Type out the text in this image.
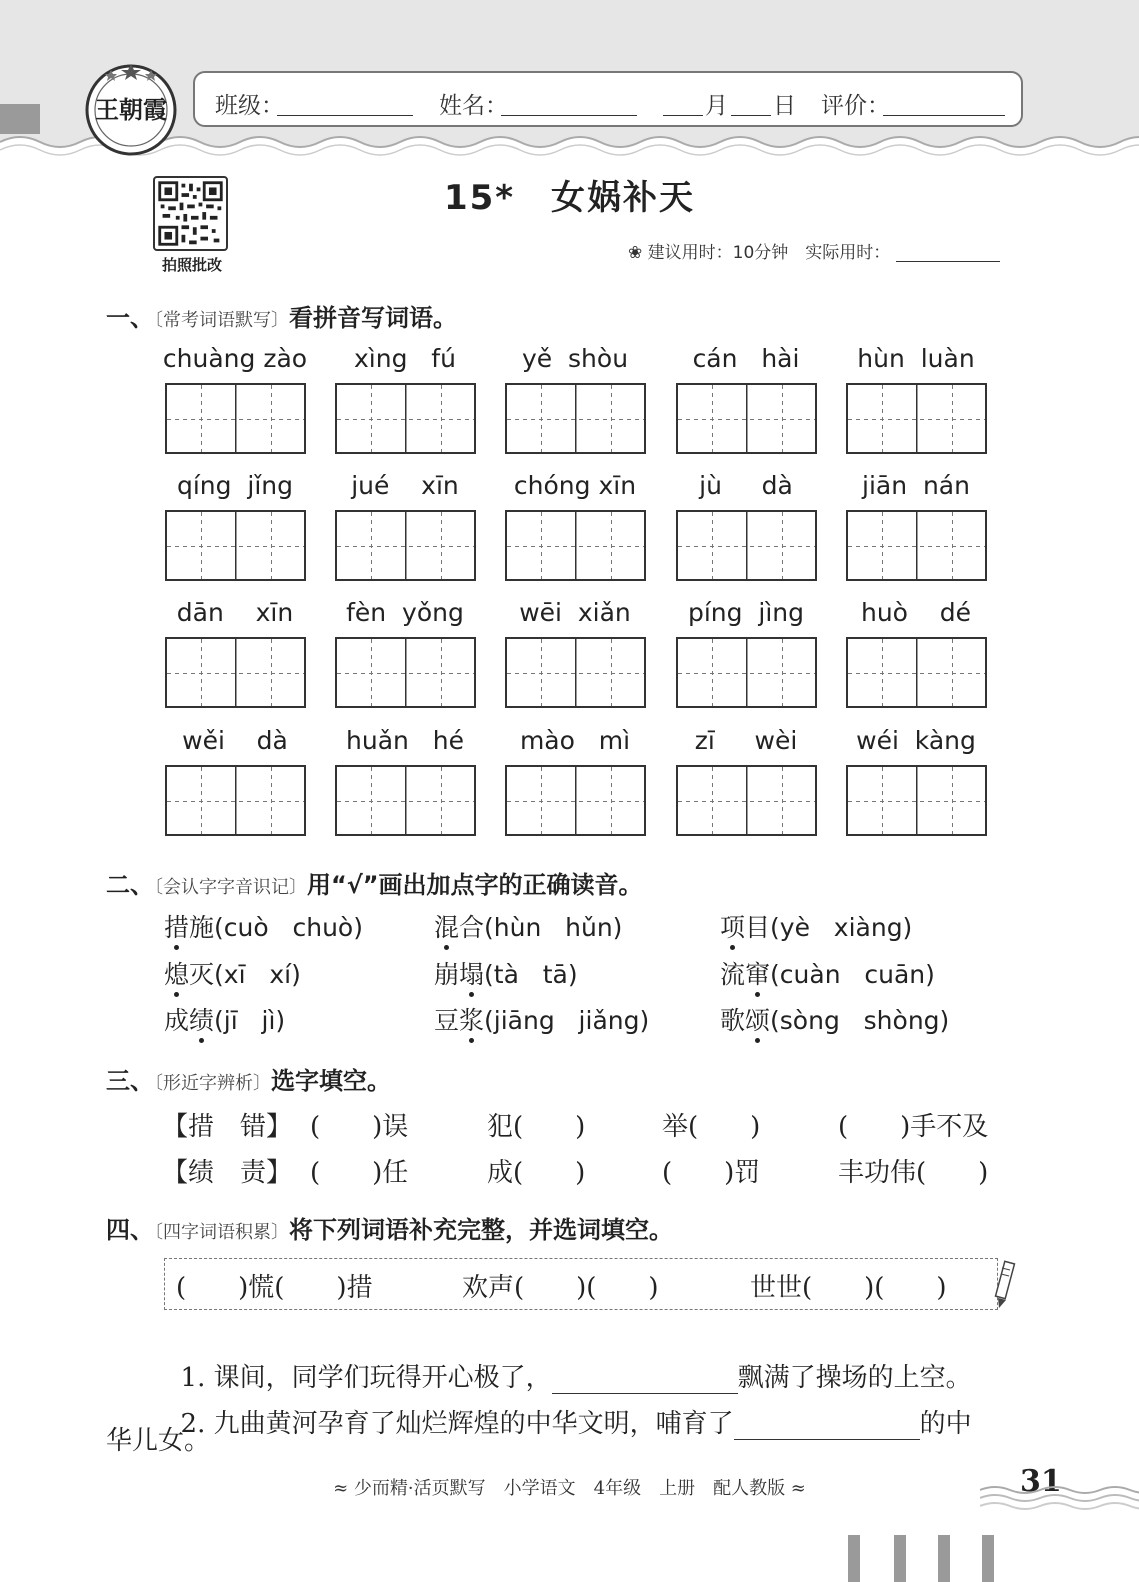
王朝霞 班级：	姓名：	月 日 评价：
拍照批改
15*　女娲补天
❀ 建议用时：10分钟　实际用时：
一、〔常考词语默写〕看拼音写词语。
chuàng zào	xìng   fú	yě  shòu	cán   hài	hùn  luàn
qíng  jǐng	jué    xīn	chóng xīn	jù     dà	jiān  nán
dān    xīn	fèn  yǒng	wēi  xiǎn	píng  jìng	huò    dé
wěi    dà	huǎn   hé	mào   mì	zī     wèi	wéi  kàng
二、〔会认字字音识记〕用“√”画出加点字的正确读音。
措施(cuò   chuò)	混合(hùn   hǔn)	项目(yè   xiàng)
熄灭(xī   xí)	崩塌(tà   tā)	流窜(cuàn   cuān)
成绩(jī   jì)	豆浆(jiāng   jiǎng)	歌颂(sòng   shòng)
三、〔形近字辨析〕选字填空。
【措　错】 (　　)误	犯(　　)	举(　　)	(　　)手不及
【绩　责】 (　　)任	成(　　)	(　　)罚	丰功伟(　　)
四、〔四字词语积累〕将下列词语补充完整，并选词填空。
(　　)慌(　　)措	欢声(　　)(　　)	世世(　　)(　　)

1. 课间，同学们玩得开心极了，	飘满了操场的上空。

2. 九曲黄河孕育了灿烂辉煌的中华文明，哺育了	的中

华儿女。
≈ 少而精·活页默写　小学语文　4年级　上册　配人教版 ≈	31
